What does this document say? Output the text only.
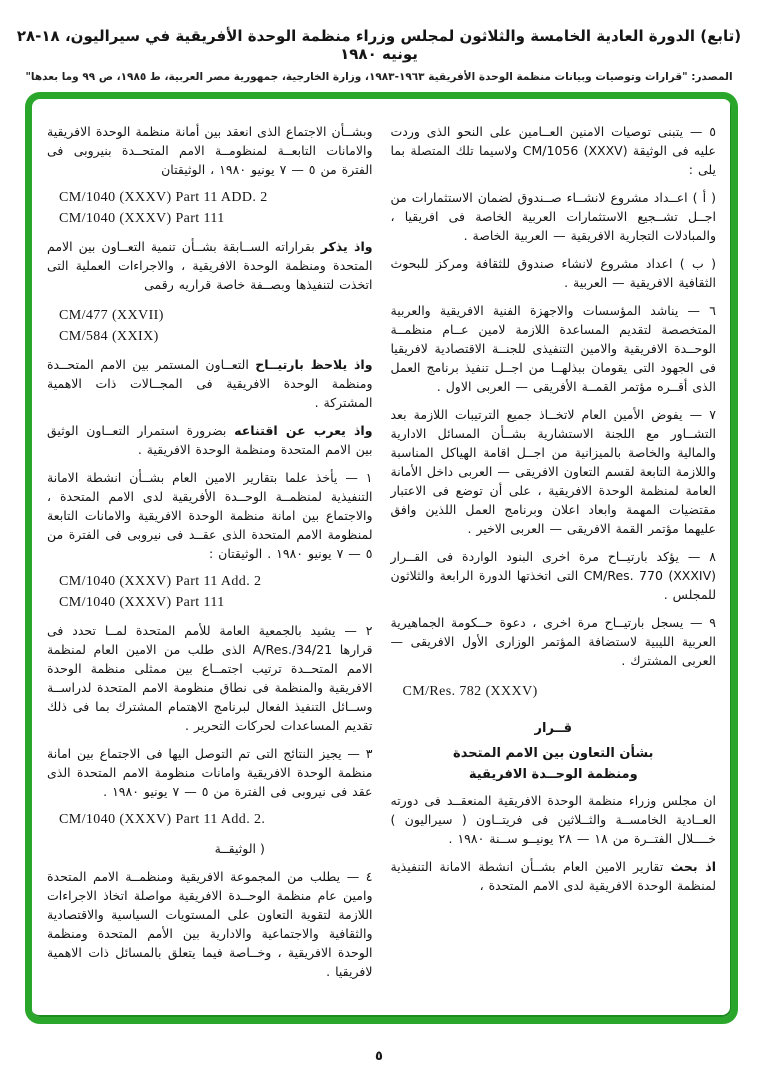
(تابع) الدورة العادية الخامسة والثلاثون لمجلس وزراء منظمة الوحدة الأفريقية في سيراليون، ١٨-٢٨ يونيه ١٩٨٠

المصدر: "قرارات وتوصيات وبيانات منظمة الوحدة الأفريقية ١٩٦٣-١٩٨٣، وزارة الخارجية، جمهورية مصر العربية، ط ١٩٨٥، ص ٩٩ وما بعدها"

٥ — يتبنى توصيات الامنين العــامين على النحو الذى وردت عليه فى الوثيقة CM/1056 (XXXV) ولاسيما تلك المتصلة بما يلى :

( أ ) اعــداد مشروع لانشــاء صــندوق لضمان الاستثمارات من اجــل تشــجيع الاستثمارات العربية الخاصة فى افريقيا ، والمبادلات التجارية الافريقية — العربية الخاصة .

( ب ) اعداد مشروع لانشاء صندوق للثقافة ومركز للبحوث الثقافية الافريقية — العربية .

٦ — يناشد المؤسسات والاجهزة الفنية الافريقية والعربية المتخصصة لتقديم المساعدة اللازمة لامين عــام منظمــة الوحــدة الافريقية والامين التنفيذى للجنــة الاقتصادية لافريقيا فى الجهود التى يقومان ببذلهــا من اجــل تنفيذ برنامج العمل الذى أقــره مؤتمر القمــة الأفريقى — العربى الاول .

٧ — يفوض الأمين العام لاتخــاذ جميع الترتيبات اللازمة بعد التشــاور مع اللجنة الاستشارية بشــأن المسائل الادارية والمالية والخاصة بالميزانية من اجــل اقامة الهياكل المناسبة واللازمة التابعة لقسم التعاون الافريقى — العربى داخل الأمانة العامة لمنظمة الوحدة الافريقية ، على أن توضع فى الاعتبار مقتضيات المهمة وابعاد اعلان وبرنامج العمل اللذين وافق عليهما مؤتمر القمة الافريقى — العربى الاخير .

٨ — يؤكد بارتيــاح مرة اخرى البنود الواردة فى القــرار CM/Res. 770 (XXXIV) التى اتخذتها الدورة الرابعة والثلاثون للمجلس .

٩ — يسجل بارتيــاح مرة اخرى ، دعوة حــكومة الجماهيرية العربية الليبية لاستضافة المؤتمر الوزارى الأول الافريقى — العربى المشترك .

CM/Res. 782 (XXXV)

قــرار

بشأن التعاون بين الامم المتحدة

ومنظمة الوحــدة الافريقية

ان مجلس وزراء منظمة الوحدة الافريقية المنعقــد فى دورته العــادية الخامســة والثــلاثين فى فريتــاون ( سيراليون ) خــــلال الفتــرة من ١٨ — ٢٨ يونيــو ســنة ١٩٨٠ .

اذ بحث تقارير الامين العام بشــأن انشطة الامانة التنفيذية لمنظمة الوحدة الافريقية لدى الامم المتحدة ،

وبشــأن الاجتماع الذى انعقد بين أمانة منظمة الوحدة الافريقية والامانات التابعــة لمنظومــة الامم المتحــدة بنيروبى فى الفترة من ٥ — ٧ يونيو ١٩٨٠ ، الوثيقتان

CM/1040 (XXXV) Part 11 ADD. 2

CM/1040 (XXXV) Part 111

واذ يذكر بقراراته الســابقة بشــأن تنمية التعــاون بين الامم المتحدة ومنظمة الوحدة الافريقية ، والاجراءات العملية التى اتخذت لتنفيذها وبصــفة خاصة قراريه رقمى

CM/477 (XXVII)

CM/584 (XXIX)

واذ يلاحظ بارتيــاح التعــاون المستمر بين الامم المتحــدة ومنظمة الوحدة الافريقية فى المجــالات ذات الاهمية المشتركة .

واذ يعرب عن اقتناعه بضرورة استمرار التعــاون الوثيق بين الامم المتحدة ومنظمة الوحدة الافريقية .

١ — يأخذ علما بتقارير الامين العام بشــأن انشطة الامانة التنفيذية لمنظمــة الوحــدة الأفريقية لدى الامم المتحدة ، والاجتماع بين امانة منظمة الوحدة الافريقية والامانات التابعة لمنظومة الامم المتحدة الذى عقــد فى نيروبى فى الفترة من ٥ — ٧ يونيو ١٩٨٠ . الوثيقتان :

CM/1040 (XXXV) Part 11 Add. 2

CM/1040 (XXXV) Part 111

٢ — يشيد بالجمعية العامة للأمم المتحدة لمــا تحدد فى قرارها A/Res./34/21 الذى طلب من الامين العام لمنظمة الامم المتحــدة ترتيب اجتمــاع بين ممثلى منظمة الوحدة الافريقية والمنظمة فى نطاق منظومة الامم المتحدة لدراســة وســائل التنفيذ الفعال لبرنامج الاهتمام المشترك بما فى ذلك تقديم المساعدات لحركات التحرير .

٣ — يجيز النتائج التى تم التوصل اليها فى الاجتماع بين امانة منظمة الوحدة الافريقية وامانات منظومة الامم المتحدة الذى عقد فى نيروبى فى الفترة من ٥ — ٧ يونيو ١٩٨٠ .

CM/1040 (XXXV) Part 11 Add. 2.

( الوثيقــة

٤ — يطلب من المجموعة الافريقية ومنظمــة الامم المتحدة وامين عام منظمة الوحــدة الافريقية مواصلة اتخاذ الاجراءات اللازمة لتقوية التعاون على المستويات السياسية والاقتصادية والثقافية والاجتماعية والادارية بين الأمم المتحدة ومنظمة الوحدة الافريقية ، وخــاصة فيما يتعلق بالمسائل ذات الاهمية لافريقيا .

٥
